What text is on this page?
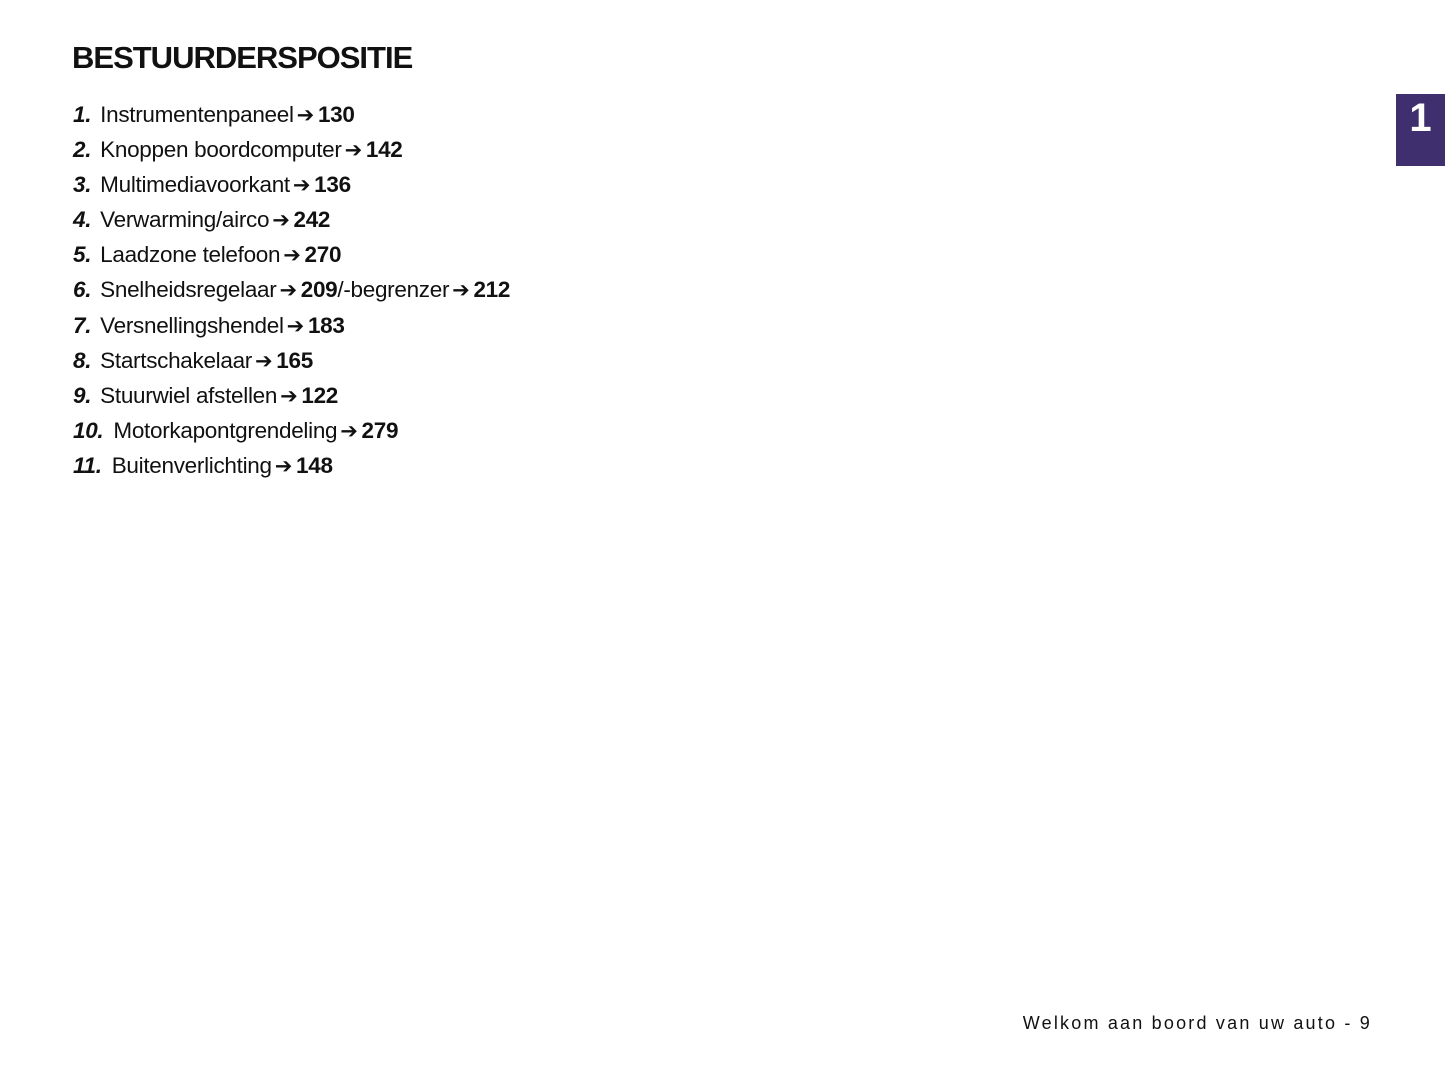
BESTUURDERSPOSITIE
1
1. Instrumentenpaneel ➔ 130
2. Knoppen boordcomputer ➔ 142
3. Multimediavoorkant ➔ 136
4. Verwarming/airco ➔ 242
5. Laadzone telefoon ➔ 270
6. Snelheidsregelaar ➔ 209/-begrenzer ➔ 212
7. Versnellingshendel ➔ 183
8. Startschakelaar ➔ 165
9. Stuurwiel afstellen ➔ 122
10. Motorkapontgrendeling ➔ 279
11. Buitenverlichting ➔ 148
Welkom aan boord van uw auto - 9
